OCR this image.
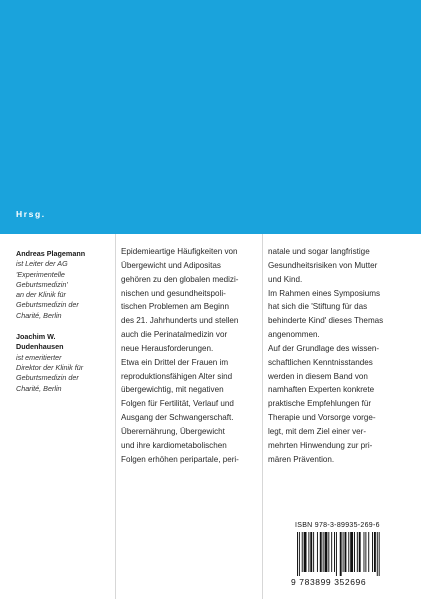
Hrsg.

Andreas Plagemann

ist Leiter der AG

'Experimentelle

Geburtsmedizin'

an der Klinik für

Geburtsmedizin der

Charité, Berlin

Joachim W.

Dudenhausen

ist emeritierter

Direktor der Klinik für

Geburtsmedizin der

Charité, Berlin

Epidemieartige Häufigkeiten von
Übergewicht und Adipositas
gehören zu den globalen medizi-
nischen und gesundheitspoli-
tischen Problemen am Beginn
des 21. Jahrhunderts und stellen
auch die Perinatalmedizin vor
neue Herausforderungen.
Etwa ein Drittel der Frauen im
reproduktionsfähigen Alter sind
übergewichtig, mit negativen
Folgen für Fertilität, Verlauf und
Ausgang der Schwangerschaft.
Überernährung, Übergewicht
und ihre kardiometabolischen
Folgen erhöhen peripartale, peri-
natale und sogar langfristige
Gesundheitsrisiken von Mutter
und Kind.
Im Rahmen eines Symposiums
hat sich die 'Stiftung für das
behinderte Kind' dieses Themas
angenommen.
Auf der Grundlage des wissen-
schaftlichen Kenntnisstandes
werden in diesem Band von
namhaften Experten konkrete
praktische Empfehlungen für
Therapie und Vorsorge vorge-
legt, mit dem Ziel einer ver-
mehrten Hinwendung zur pri-
mären Prävention.
ISBN 978-3-89935-269-6
9 783899 352696
